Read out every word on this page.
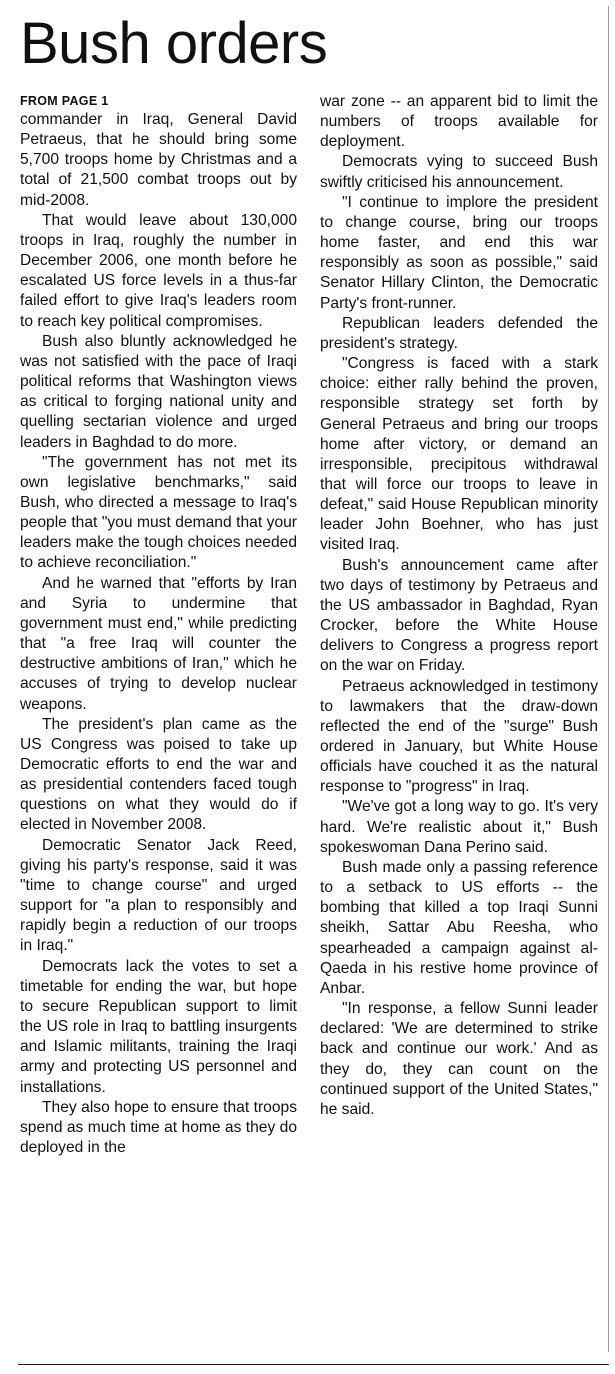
Bush orders
FROM PAGE 1

commander in Iraq, General David Petraeus, that he should bring some 5,700 troops home by Christmas and a total of 21,500 combat troops out by mid-2008.

That would leave about 130,000 troops in Iraq, roughly the number in December 2006, one month before he escalated US force levels in a thus-far failed effort to give Iraq's leaders room to reach key political compromises.

Bush also bluntly acknowledged he was not satisfied with the pace of Iraqi political reforms that Washington views as critical to forging national unity and quelling sectarian violence and urged leaders in Baghdad to do more.

"The government has not met its own legislative benchmarks," said Bush, who directed a message to Iraq's people that "you must demand that your leaders make the tough choices needed to achieve reconciliation."

And he warned that "efforts by Iran and Syria to undermine that government must end," while predicting that "a free Iraq will counter the destructive ambitions of Iran," which he accuses of trying to develop nuclear weapons.

The president's plan came as the US Congress was poised to take up Democratic efforts to end the war and as presidential contenders faced tough questions on what they would do if elected in November 2008.

Democratic Senator Jack Reed, giving his party's response, said it was "time to change course" and urged support for "a plan to responsibly and rapidly begin a reduction of our troops in Iraq."

Democrats lack the votes to set a timetable for ending the war, but hope to secure Republican support to limit the US role in Iraq to battling insurgents and Islamic militants, training the Iraqi army and protecting US personnel and installations.

They also hope to ensure that troops spend as much time at home as they do deployed in the

war zone -- an apparent bid to limit the numbers of troops available for deployment.

Democrats vying to succeed Bush swiftly criticised his announcement.

"I continue to implore the president to change course, bring our troops home faster, and end this war responsibly as soon as possible," said Senator Hillary Clinton, the Democratic Party's front-runner.

Republican leaders defended the president's strategy.

"Congress is faced with a stark choice: either rally behind the proven, responsible strategy set forth by General Petraeus and bring our troops home after victory, or demand an irresponsible, precipitous withdrawal that will force our troops to leave in defeat," said House Republican minority leader John Boehner, who has just visited Iraq.

Bush's announcement came after two days of testimony by Petraeus and the US ambassador in Baghdad, Ryan Crocker, before the White House delivers to Congress a progress report on the war on Friday.

Petraeus acknowledged in testimony to lawmakers that the draw-down reflected the end of the "surge" Bush ordered in January, but White House officials have couched it as the natural response to "progress" in Iraq.

"We've got a long way to go. It's very hard. We're realistic about it," Bush spokeswoman Dana Perino said.

Bush made only a passing reference to a setback to US efforts -- the bombing that killed a top Iraqi Sunni sheikh, Sattar Abu Reesha, who spearheaded a campaign against al-Qaeda in his restive home province of Anbar.

"In response, a fellow Sunni leader declared: 'We are determined to strike back and continue our work.' And as they do, they can count on the continued support of the United States," he said.
